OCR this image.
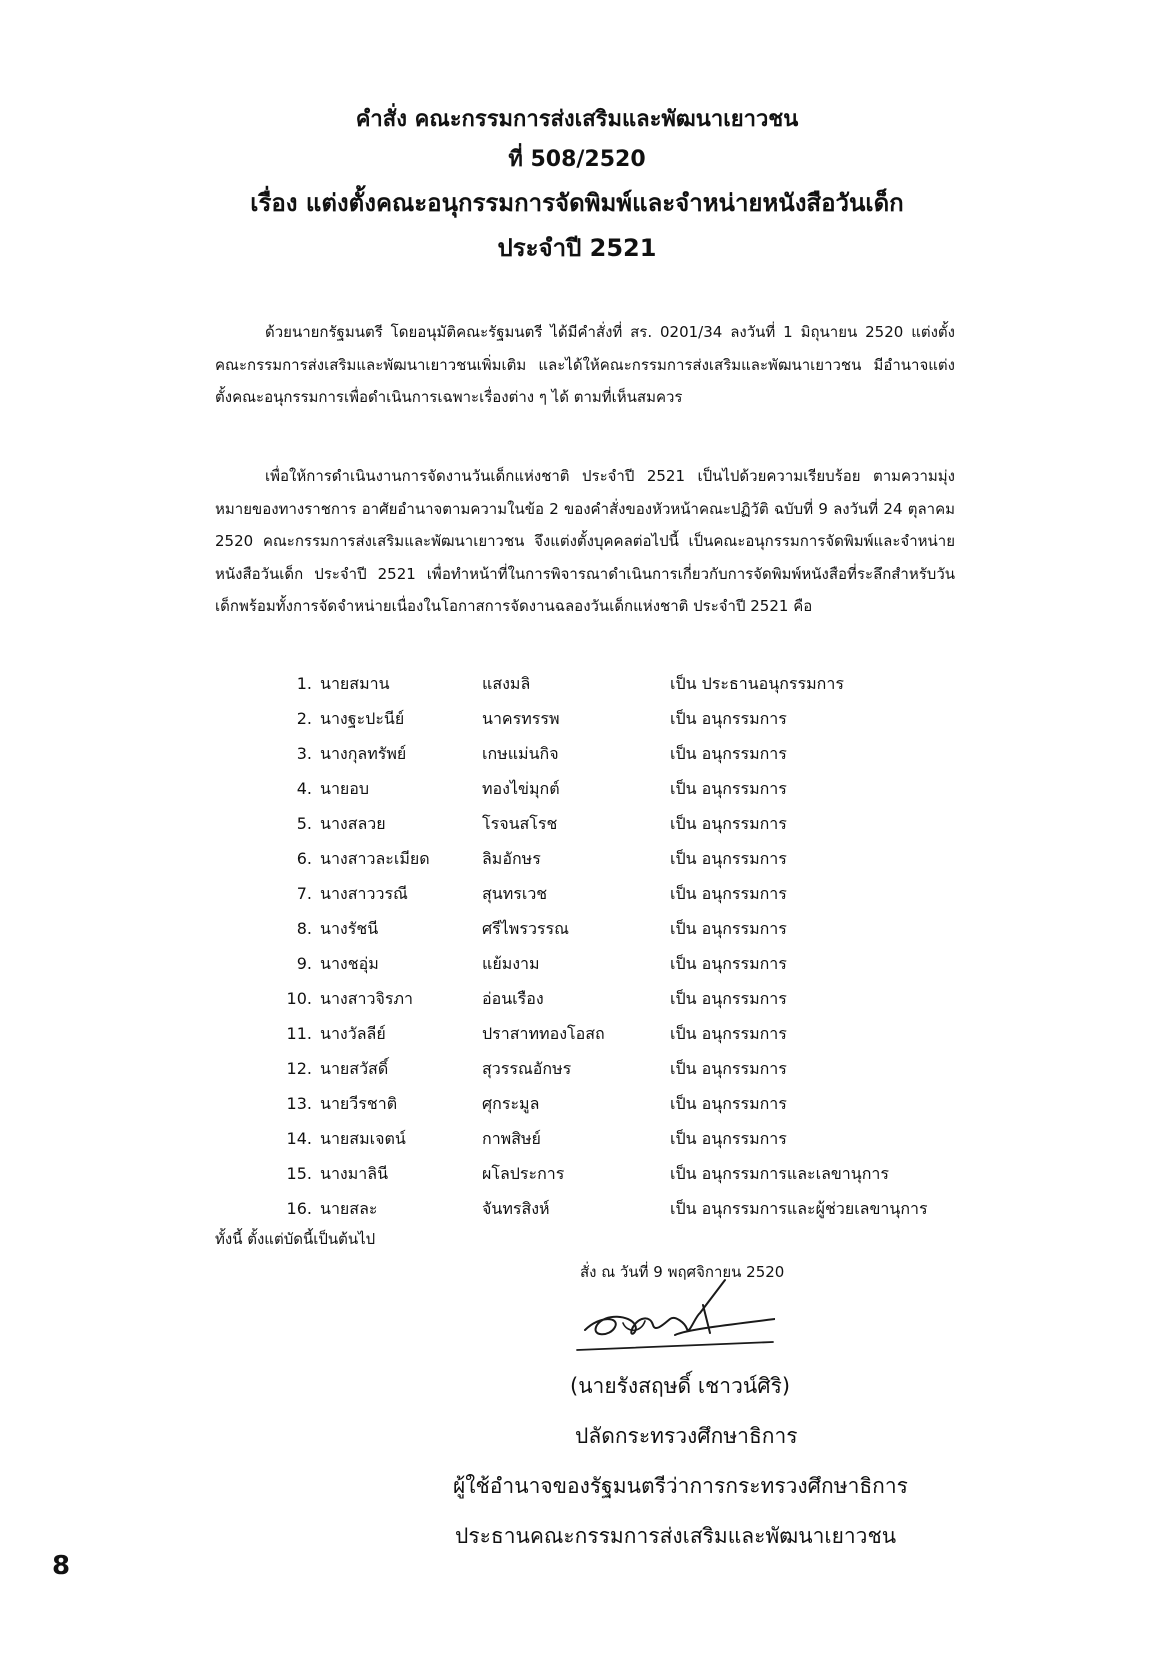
คำสั่ง คณะกรรมการส่งเสริมและพัฒนาเยาวชน
ที่ 508/2520
เรื่อง แต่งตั้งคณะอนุกรรมการจัดพิมพ์และจำหน่ายหนังสือวันเด็ก
ประจำปี 2521
ด้วยนายกรัฐมนตรี โดยอนุมัติคณะรัฐมนตรี ได้มีคำสั่งที่ สร. 0201/34 ลงวันที่ 1 มิถุนายน 2520 แต่งตั้งคณะกรรมการส่งเสริมและพัฒนาเยาวชนเพิ่มเติม และได้ให้คณะกรรมการส่งเสริมและพัฒนาเยาวชน มีอำนาจแต่งตั้งคณะอนุกรรมการเพื่อดำเนินการเฉพาะเรื่องต่าง ๆ ได้ ตามที่เห็นสมควร
เพื่อให้การดำเนินงานการจัดงานวันเด็กแห่งชาติ ประจำปี 2521 เป็นไปด้วยความเรียบร้อย ตามความมุ่งหมายของทางราชการ อาศัยอำนาจตามความในข้อ 2 ของคำสั่งของหัวหน้าคณะปฏิวัติ ฉบับที่ 9 ลงวันที่ 24 ตุลาคม 2520 คณะกรรมการส่งเสริมและพัฒนาเยาวชน จึงแต่งตั้งบุคคลต่อไปนี้ เป็นคณะอนุกรรมการจัดพิมพ์และจำหน่ายหนังสือวันเด็ก ประจำปี 2521 เพื่อทำหน้าที่ในการพิจารณาดำเนินการเกี่ยวกับการจัดพิมพ์หนังสือที่ระลึกสำหรับวันเด็กพร้อมทั้งการจัดจำหน่ายเนื่องในโอกาสการจัดงานฉลองวันเด็กแห่งชาติ ประจำปี 2521 คือ
1. นายสมาน	แสงมลิ	เป็น ประธานอนุกรรมการ
2. นางฐะปะนีย์	นาครทรรพ	เป็น อนุกรรมการ
3. นางกุลทรัพย์	เกษแม่นกิจ	เป็น อนุกรรมการ
4. นายอบ	ทองไข่มุกต์	เป็น อนุกรรมการ
5. นางสลวย	โรจนสโรช	เป็น อนุกรรมการ
6. นางสาวละเมียด	ลิมอักษร	เป็น อนุกรรมการ
7. นางสาววรณี	สุนทรเวช	เป็น อนุกรรมการ
8. นางรัชนี	ศรีไพรวรรณ	เป็น อนุกรรมการ
9. นางชอุ่ม	แย้มงาม	เป็น อนุกรรมการ
10. นางสาวจิรภา	อ่อนเรือง	เป็น อนุกรรมการ
11. นางวัลลีย์	ปราสาททองโอสถ	เป็น อนุกรรมการ
12. นายสวัสดิ์	สุวรรณอักษร	เป็น อนุกรรมการ
13. นายวีรชาติ	ศุกระมูล	เป็น อนุกรรมการ
14. นายสมเจตน์	กาพสิษย์	เป็น อนุกรรมการ
15. นางมาลินี	ผโลประการ	เป็น อนุกรรมการและเลขานุการ
16. นายสละ	จันทรสิงห์	เป็น อนุกรรมการและผู้ช่วยเลขานุการ
ทั้งนี้ ตั้งแต่บัดนี้เป็นต้นไป
สั่ง ณ วันที่ 9 พฤศจิกายน 2520
(นายรังสฤษดิ์ เชาวน์ศิริ)
ปลัดกระทรวงศึกษาธิการ
ผู้ใช้อำนาจของรัฐมนตรีว่าการกระทรวงศึกษาธิการ
ประธานคณะกรรมการส่งเสริมและพัฒนาเยาวชน
8
